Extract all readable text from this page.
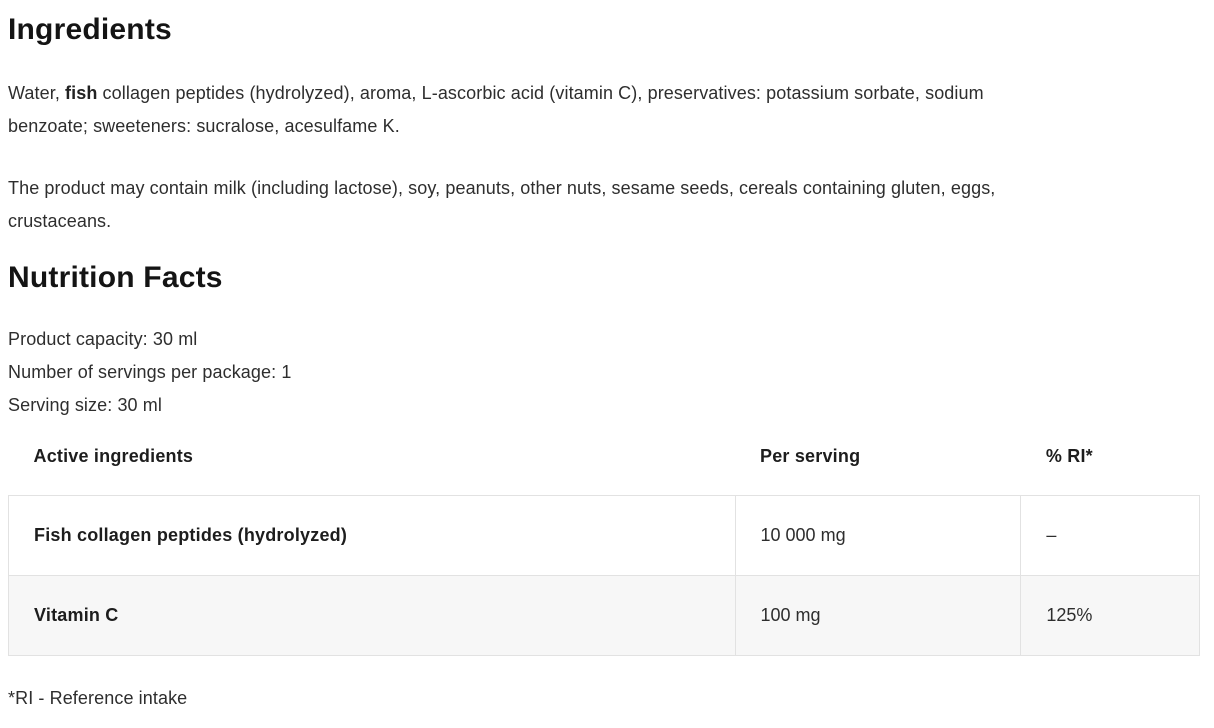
Ingredients

Water, fish collagen peptides (hydrolyzed), aroma, L-ascorbic acid (vitamin C), preservatives: potassium sorbate, sodium benzoate; sweeteners: sucralose, acesulfame K.

The product may contain milk (including lactose), soy, peanuts, other nuts, sesame seeds, cereals containing gluten, eggs, crustaceans.

Nutrition Facts
Product capacity: 30 ml
Number of servings per package: 1
Serving size: 30 ml
Active ingredients	Per serving	% RI*
Fish collagen peptides (hydrolyzed)	10 000 mg	–
Vitamin C	100 mg	125%

*RI - Reference intake
